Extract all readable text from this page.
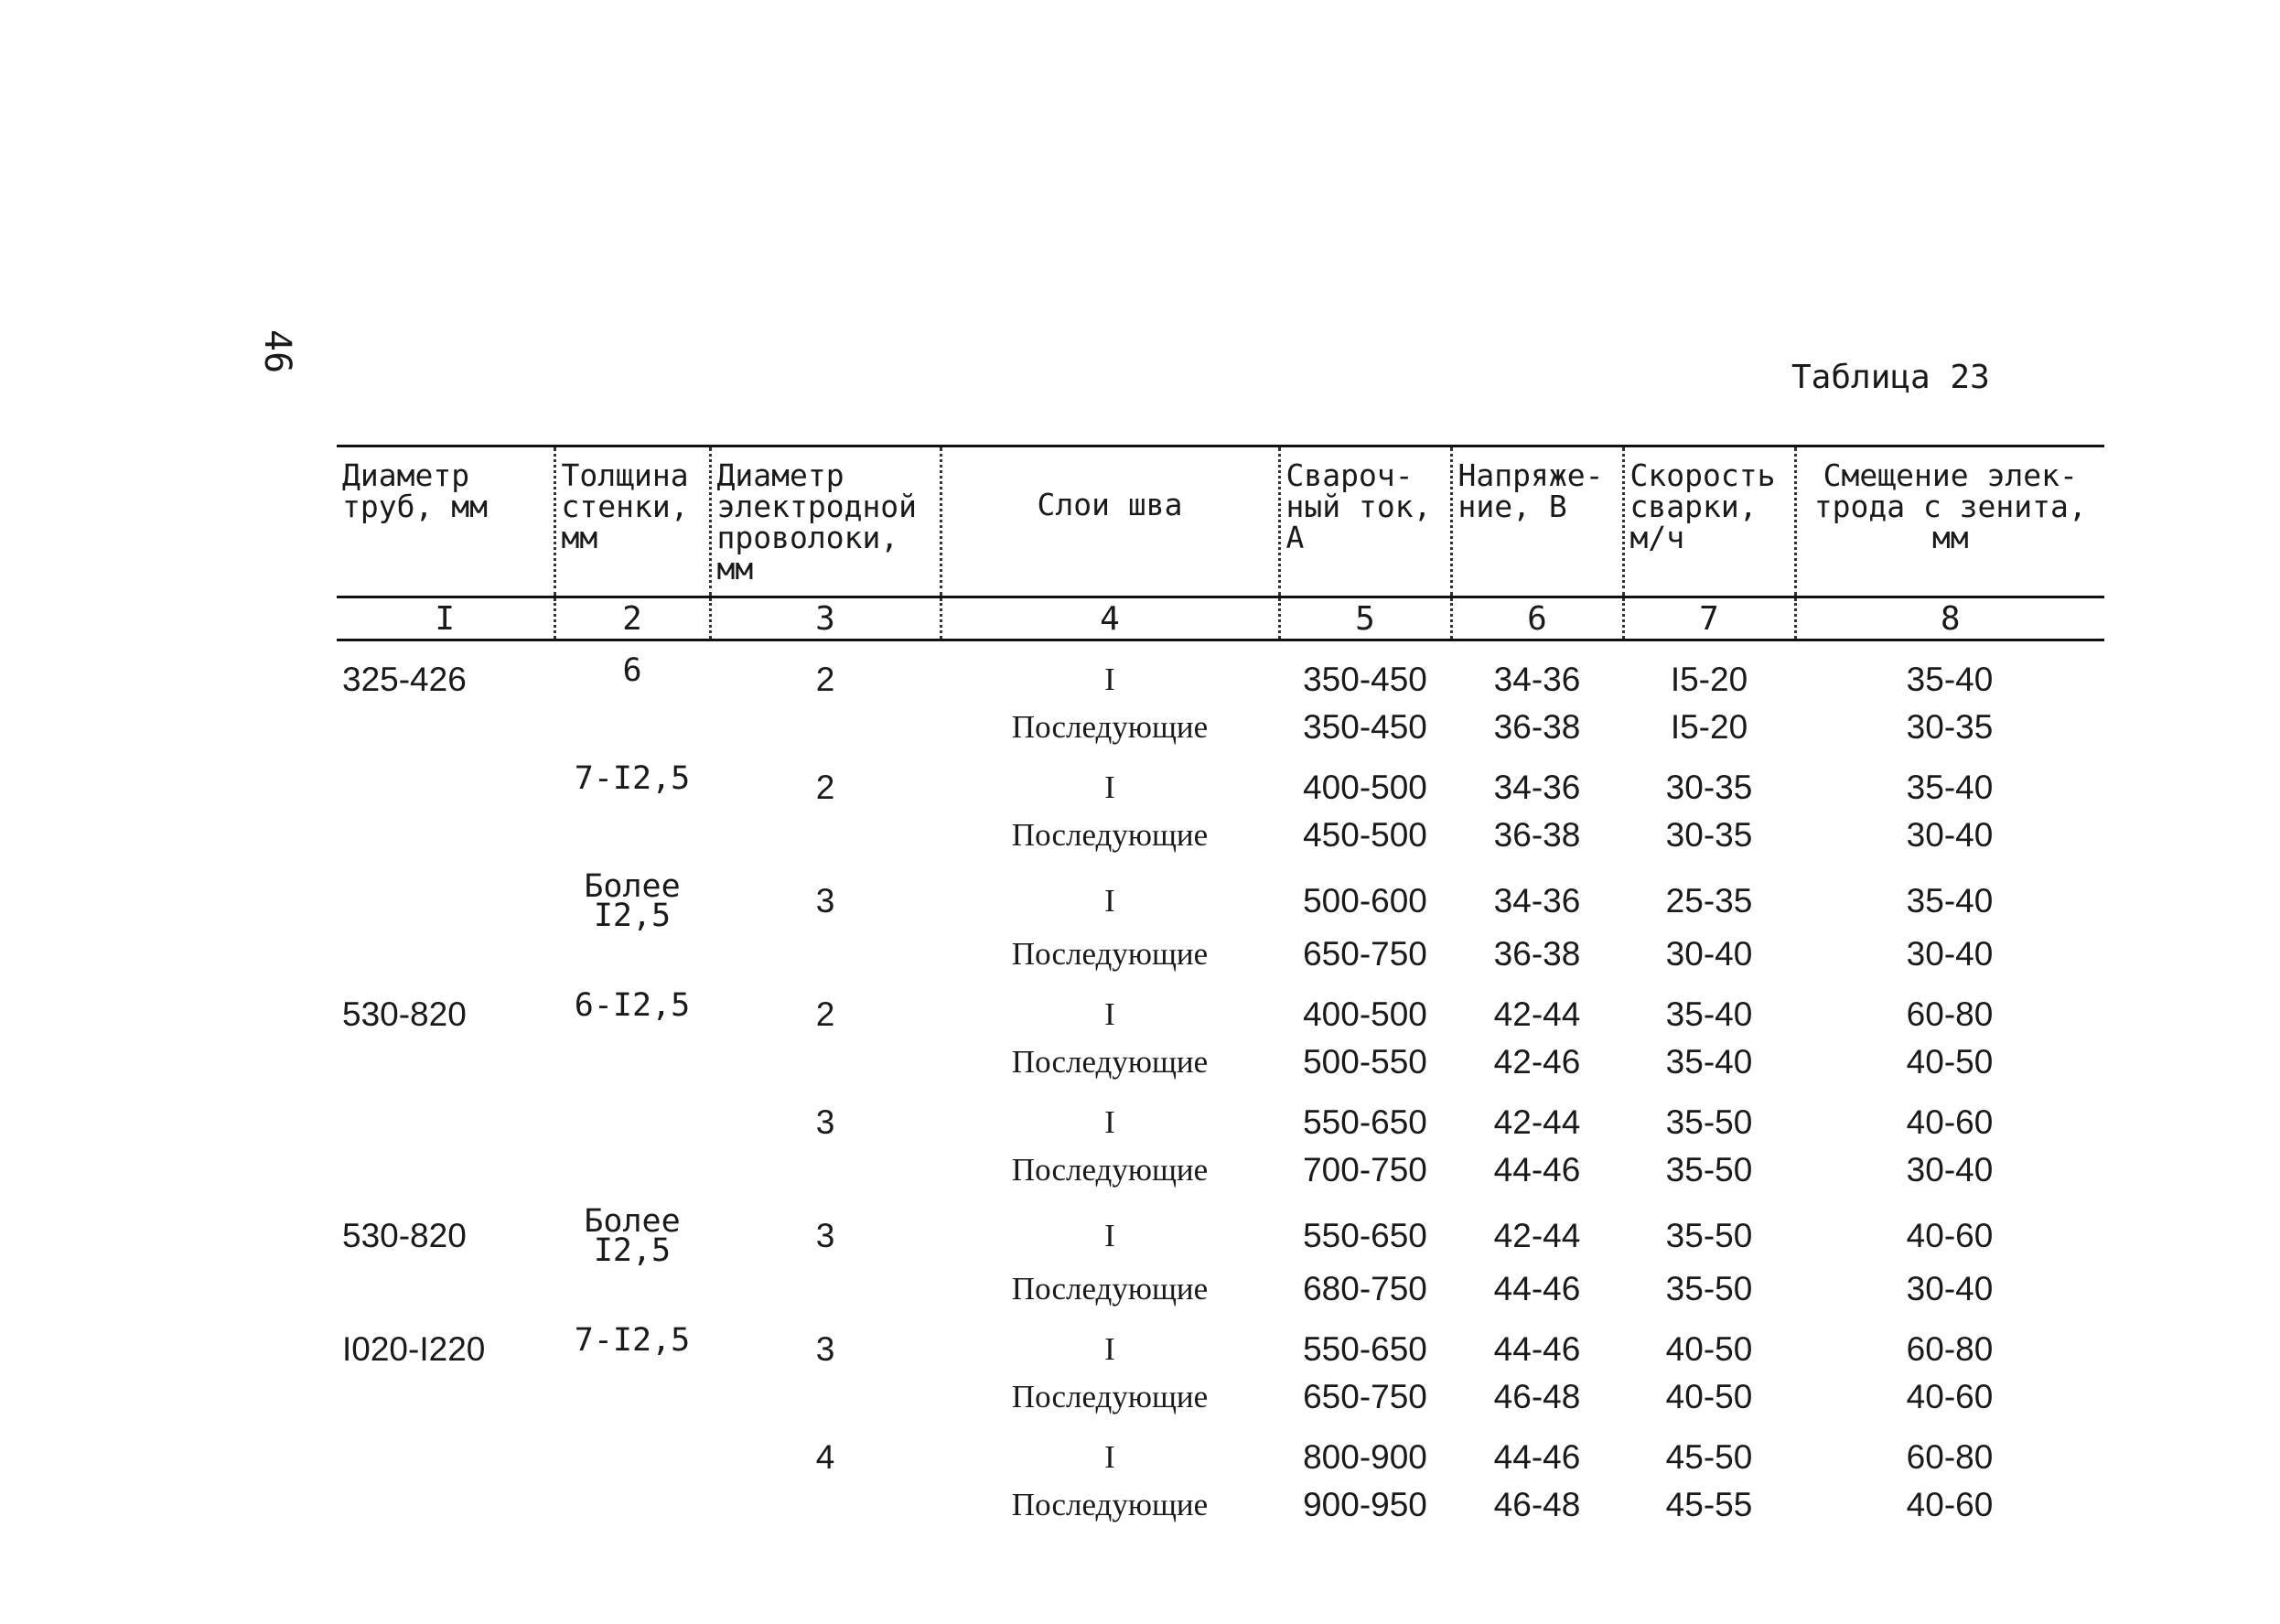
46
Таблица 23
Диаметр труб, мм	Толщина стенки, мм	Диаметр электродной проволоки, мм	Слои шва	Свароч-ный ток, А	Напряже-ние, В	Скорость сварки, м/ч	Смещение элек-трода с зенита, мм
I	2	3	4	5	6	7	8
325-426	6	2	I	350-450	34-36	I5-20	35-40
			Последующие	350-450	36-38	I5-20	30-35

	7-I2,5	2	I	400-500	34-36	30-35	35-40
			Последующие	450-500	36-38	30-35	30-40

	Более I2,5	3	I	500-600	34-36	25-35	35-40
			Последующие	650-750	36-38	30-40	30-40

530-820	6-I2,5	2	I	400-500	42-44	35-40	60-80
			Последующие	500-550	42-46	35-40	40-50

		3	I	550-650	42-44	35-50	40-60
			Последующие	700-750	44-46	35-50	30-40

530-820	Более I2,5	3	I	550-650	42-44	35-50	40-60
			Последующие	680-750	44-46	35-50	30-40

I020-I220	7-I2,5	3	I	550-650	44-46	40-50	60-80
			Последующие	650-750	46-48	40-50	40-60

		4	I	800-900	44-46	45-50	60-80
			Последующие	900-950	46-48	45-55	40-60
